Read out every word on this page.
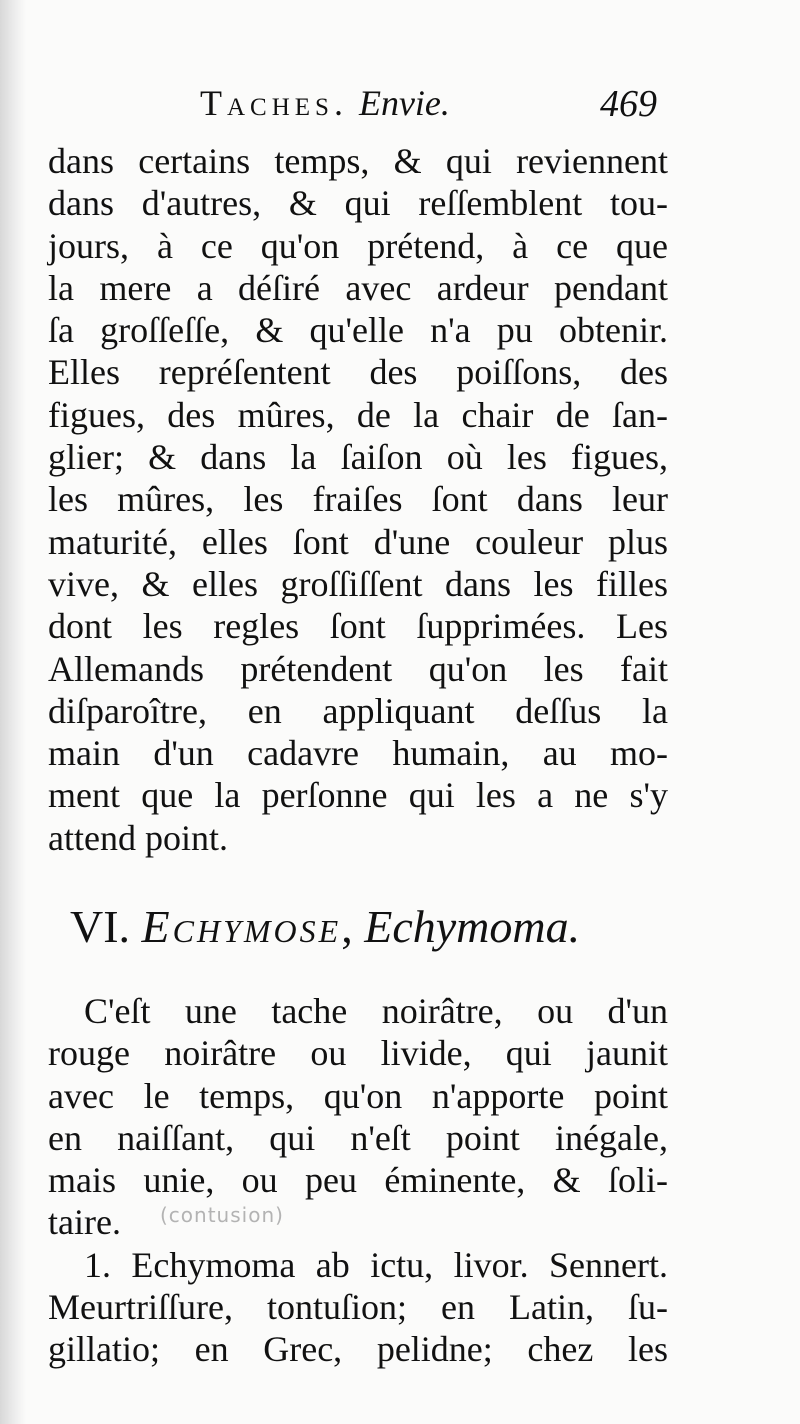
Taches. Envie.	469
dans certains temps, & qui reviennent
dans d'autres, & qui reſſemblent tou-
jours, à ce qu'on prétend, à ce que
la mere a déſiré avec ardeur pendant
ſa groſſeſſe, & qu'elle n'a pu obtenir.
Elles repréſentent des poiſſons, des
figues, des mûres, de la chair de ſan-
glier; & dans la ſaiſon où les figues,
les mûres, les fraiſes ſont dans leur
maturité, elles ſont d'une couleur plus
vive, & elles groſſiſſent dans les filles
dont les regles ſont ſupprimées. Les
Allemands prétendent qu'on les fait
diſparoître, en appliquant deſſus la
main d'un cadavre humain, au mo-
ment que la perſonne qui les a ne s'y
attend point.
VI. Echymose, Echymoma.
C'eſt une tache noirâtre, ou d'un
rouge noirâtre ou livide, qui jaunit
avec le temps, qu'on n'apporte point
en naiſſant, qui n'eſt point inégale,
mais unie, ou peu éminente, & ſoli-
taire.
1. Echymoma ab ictu, livor. Sennert.
Meurtriſſure, tontuſion; en Latin, ſu-
gillatio; en Grec, pelidne; chez les
(contusion)
